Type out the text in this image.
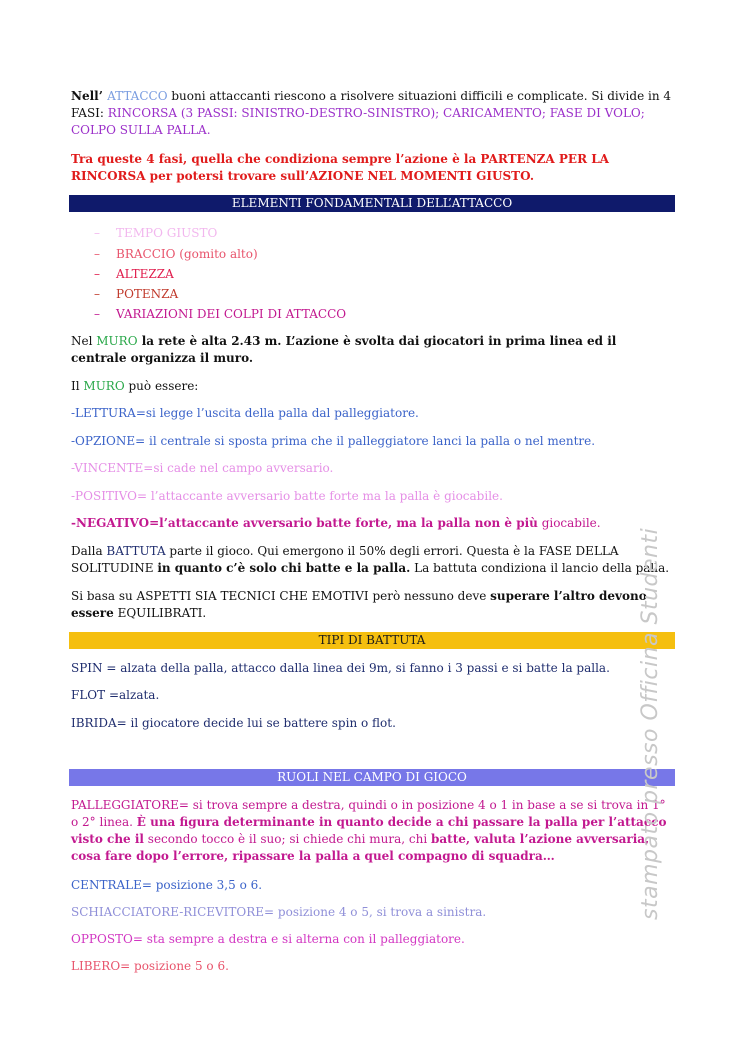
Nell’ ATTACCO buoni attaccanti riescono a risolvere situazioni difficili e complicate. Si divide in 4 FASI: RINCORSA (3 PASSI: SINISTRO-DESTRO-SINISTRO); CARICAMENTO; FASE DI VOLO; COLPO SULLA PALLA.

Tra queste 4 fasi, quella che condiziona sempre l’azione è la PARTENZA PER LA RINCORSA per potersi trovare sull’AZIONE NEL MOMENTI GIUSTO.

ELEMENTI FONDAMENTALI DELL’ATTACCO
– TEMPO GIUSTO
– BRACCIO (gomito alto)
– ALTEZZA
– POTENZA
– VARIAZIONI DEI COLPI DI ATTACCO

Nel MURO la rete è alta 2.43 m. L’azione è svolta dai giocatori in prima linea ed il centrale organizza il muro.

Il MURO può essere:

-LETTURA=si legge l’uscita della palla dal palleggiatore.

-OPZIONE= il centrale si sposta prima che il palleggiatore lanci la palla o nel mentre.

-VINCENTE=si cade nel campo avversario.

-POSITIVO= l’attaccante avversario batte forte ma la palla è giocabile.

-NEGATIVO=l’attaccante avversario batte forte, ma la palla non è più giocabile.

Dalla BATTUTA parte il gioco. Qui emergono il 50% degli errori. Questa è la FASE DELLA SOLITUDINE in quanto c’è solo chi batte e la palla. La battuta condiziona il lancio della palla.

Si basa su ASPETTI SIA TECNICI CHE EMOTIVI però nessuno deve superare l’altro devono essere EQUILIBRATI.

TIPI DI BATTUTA

SPIN = alzata della palla, attacco dalla linea dei 9m, si fanno i 3 passi e si batte la palla.

FLOT =alzata.

IBRIDA= il giocatore decide lui se battere spin o flot.

RUOLI NEL CAMPO DI GIOCO

PALLEGGIATORE= si trova sempre a destra, quindi o in posizione 4 o 1 in base a se si trova in 1° o 2° linea. È una figura determinante in quanto decide a chi passare la palla per l’attacco visto che il secondo tocco è il suo; si chiede chi mura, chi batte, valuta l’azione avversaria, cosa fare dopo l’errore, ripassare la palla a quel compagno di squadra…

CENTRALE= posizione 3,5 o 6.

SCHIACCIATORE-RICEVITORE= posizione 4 o 5, si trova a sinistra.

OPPOSTO= sta sempre a destra e si alterna con il palleggiatore.

LIBERO= posizione 5 o 6.

stampato presso Officina Studenti
